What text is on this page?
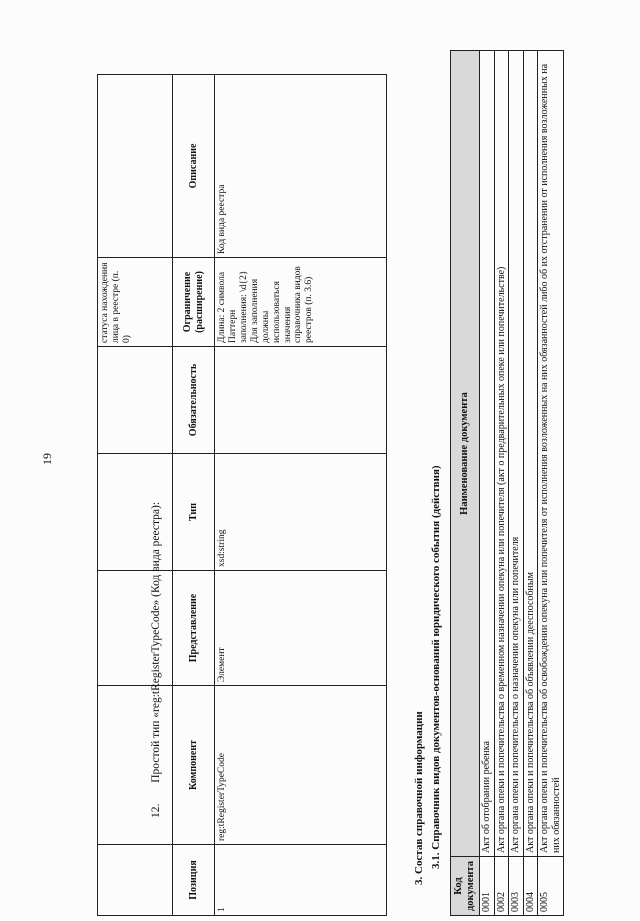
19
					статуса нахождения лица в реестре (п. 0)	
12. Простой тип «reg:tRegisterTypeCode» (Код вида реестра):
Позиция	Компонент	Представление	Тип	Обязательность	Ограничение (расширение)	Описание
1	reg:tRegisterTypeCode	Элемент	xsd:string		Длина: 2 символа Паттерн заполнения: \d{2} Для заполнения должны использоваться значения справочника видов реестров (п. 3.6)	Код вида реестра
3. Состав справочной информации 3.1. Справочник видов документов-оснований юридического события (действия)
Код документа	Наименование документа
0001	Акт об отобрании ребенка
0002	Акт органа опеки и попечительства о временном назначении опекуна или попечителя (акт о предварительных опеке или попечительстве)
0003	Акт органа опеки и попечительства о назначении опекуна или попечителя
0004	Акт органа опеки и попечительства об объявлении дееспособным
0005	Акт органа опеки и попечительства об освобождении опекуна или попечителя от исполнения возложенных на них обязанностей либо об их отстранении от исполнения возложенных на них обязанностей
